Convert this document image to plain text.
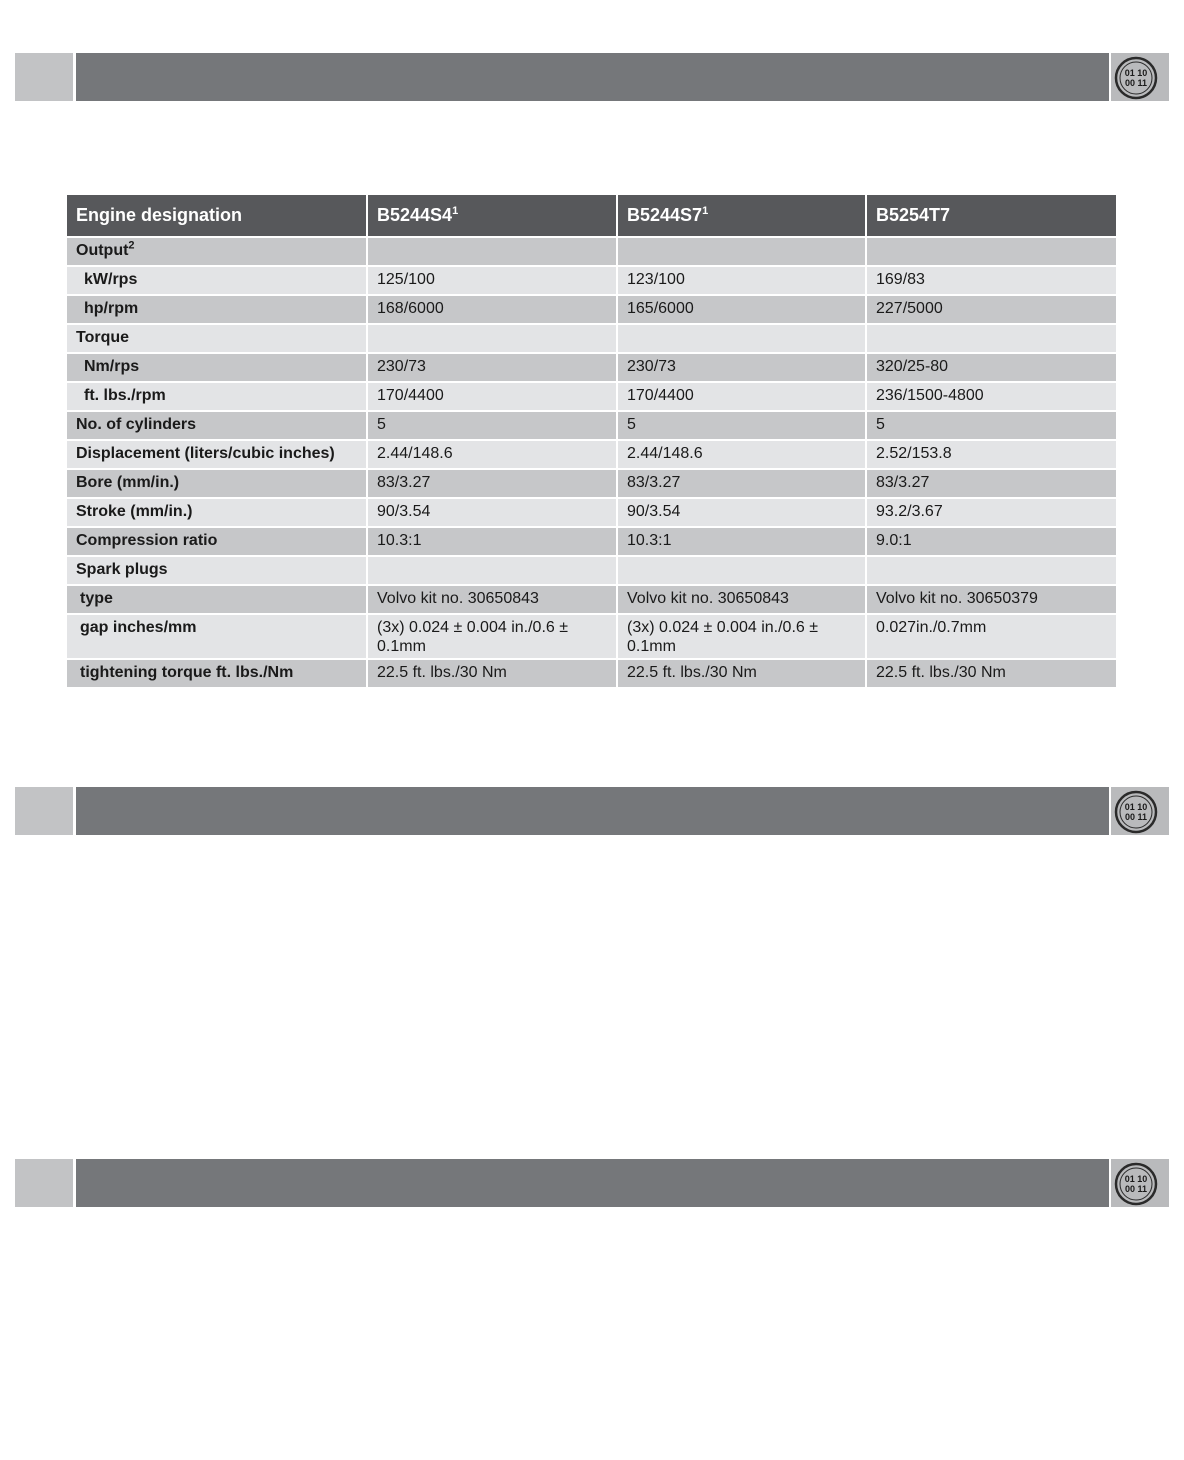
01 10
00 11
Engine designation	$B5244S4^1$	$B5244S7^1$	B5254T7
Output$^2$			
kW/rps	125/100	123/100	169/83
hp/rpm	168/6000	165/6000	227/5000
Torque			
Nm/rps	230/73	230/73	320/25-80
ft. lbs./rpm	170/4400	170/4400	236/1500-4800
No. of cylinders	5	5	5
Displacement (liters/cubic inches)	2.44/148.6	2.44/148.6	2.52/153.8
Bore (mm/in.)	83/3.27	83/3.27	83/3.27
Stroke (mm/in.)	90/3.54	90/3.54	93.2/3.67
Compression ratio	10.3:1	10.3:1	9.0:1
Spark plugs			
type	Volvo kit no. 30650843	Volvo kit no. 30650843	Volvo kit no. 30650379
gap inches/mm	(3x) 0.024 ± 0.004 in./0.6 ± 0.1mm	(3x) 0.024 ± 0.004 in./0.6 ± 0.1mm	0.027in./0.7mm
tightening torque ft. lbs./Nm	22.5 ft. lbs./30 Nm	22.5 ft. lbs./30 Nm	22.5 ft. lbs./30 Nm
01 10
00 11
01 10
00 11
